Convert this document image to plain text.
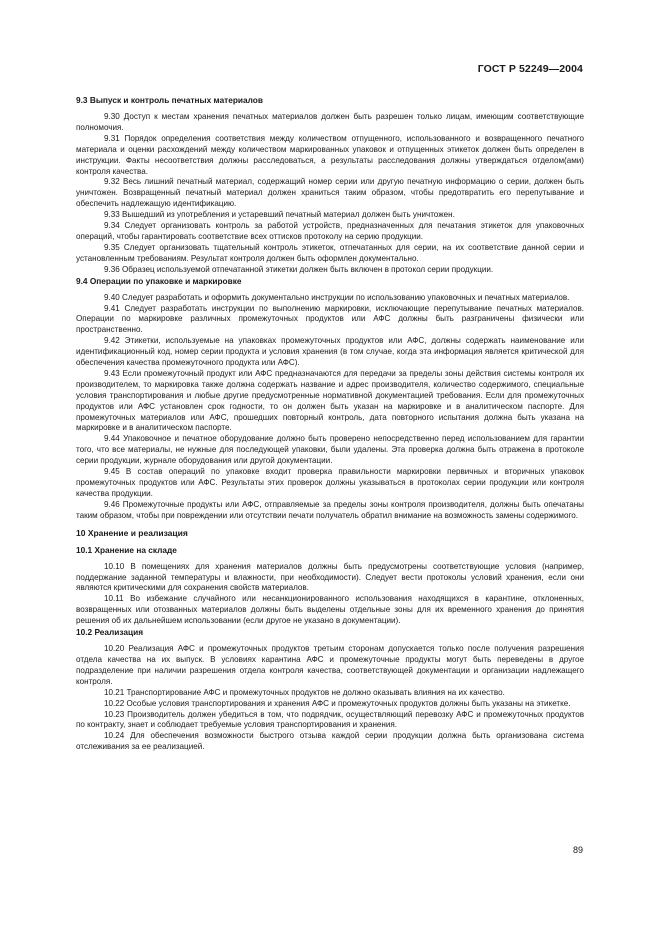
ГОСТ Р 52249—2004
9.3 Выпуск и контроль печатных материалов

9.30 Доступ к местам хранения печатных материалов должен быть разрешен только лицам, имеющим соответствующие полномочия.

9.31 Порядок определения соответствия между количеством отпущенного, использованного и возвращенного печатного материала и оценки расхождений между количеством маркированных упаковок и отпущенных этикеток должен быть определен в инструкции. Факты несоответствия должны расследоваться, а результаты расследования должны утверждаться отделом(ами) контроля качества.

9.32 Весь лишний печатный материал, содержащий номер серии или другую печатную информацию о серии, должен быть уничтожен. Возвращенный печатный материал должен храниться таким образом, чтобы предотвратить его перепутывание и обеспечить надлежащую идентификацию.

9.33 Вышедший из употребления и устаревший печатный материал должен быть уничтожен.

9.34 Следует организовать контроль за работой устройств, предназначенных для печатания этикеток для упаковочных операций, чтобы гарантировать соответствие всех оттисков протоколу на серию продукции.

9.35 Следует организовать тщательный контроль этикеток, отпечатанных для серии, на их соответствие данной серии и установленным требованиям. Результат контроля должен быть оформлен документально.

9.36 Образец используемой отпечатанной этикетки должен быть включен в протокол серии продукции.

9.4 Операции по упаковке и маркировке

9.40 Следует разработать и оформить документально инструкции по использованию упаковочных и печатных материалов.

9.41 Следует разработать инструкции по выполнению маркировки, исключающие перепутывание печатных материалов. Операции по маркировке различных промежуточных продуктов или АФС должны быть разграничены физически или пространственно.

9.42 Этикетки, используемые на упаковках промежуточных продуктов или АФС, должны содержать наименование или идентификационный код, номер серии продукта и условия хранения (в том случае, когда эта информация является критической для обеспечения качества промежуточного продукта или АФС).

9.43 Если промежуточный продукт или АФС предназначаются для передачи за пределы зоны действия системы контроля их производителем, то маркировка также должна содержать название и адрес производителя, количество содержимого, специальные условия транспортирования и любые другие предусмотренные нормативной документацией требования. Если для промежуточных продуктов или АФС установлен срок годности, то он должен быть указан на маркировке и в аналитическом паспорте. Для промежуточных материалов или АФС, прошедших повторный контроль, дата повторного испытания должна быть указана на маркировке и в аналитическом паспорте.

9.44 Упаковочное и печатное оборудование должно быть проверено непосредственно перед использованием для гарантии того, что все материалы, не нужные для последующей упаковки, были удалены. Эта проверка должна быть отражена в протоколе серии продукции, журнале оборудования или другой документации.

9.45 В состав операций по упаковке входит проверка правильности маркировки первичных и вторичных упаковок промежуточных продуктов или АФС. Результаты этих проверок должны указываться в протоколах серии продукции или контроля качества продукции.

9.46 Промежуточные продукты или АФС, отправляемые за пределы зоны контроля производителя, должны быть опечатаны таким образом, чтобы при повреждении или отсутствии печати получатель обратил внимание на возможность замены содержимого.

10 Хранение и реализация
10.1 Хранение на складе

10.10 В помещениях для хранения материалов должны быть предусмотрены соответствующие условия (например, поддержание заданной температуры и влажности, при необходимости). Следует вести протоколы условий хранения, если они являются критическими для сохранения свойств материалов.

10.11 Во избежание случайного или несанкционированного использования находящихся в карантине, отклоненных, возвращенных или отозванных материалов должны быть выделены отдельные зоны для их временного хранения до принятия решения об их дальнейшем использовании (если другое не указано в документации).

10.2 Реализация

10.20 Реализация АФС и промежуточных продуктов третьим сторонам допускается только после получения разрешения отдела качества на их выпуск. В условиях карантина АФС и промежуточные продукты могут быть переведены в другое подразделение при наличии разрешения отдела контроля качества, соответствующей документации и организации надлежащего контроля.

10.21 Транспортирование АФС и промежуточных продуктов не должно оказывать влияния на их качество.

10.22 Особые условия транспортирования и хранения АФС и промежуточных продуктов должны быть указаны на этикетке.

10.23 Производитель должен убедиться в том, что подрядчик, осуществляющий перевозку АФС и промежуточных продуктов по контракту, знает и соблюдает требуемые условия транспортирования и хранения.

10.24 Для обеспечения возможности быстрого отзыва каждой серии продукции должна быть организована система отслеживания за ее реализацией.

89
